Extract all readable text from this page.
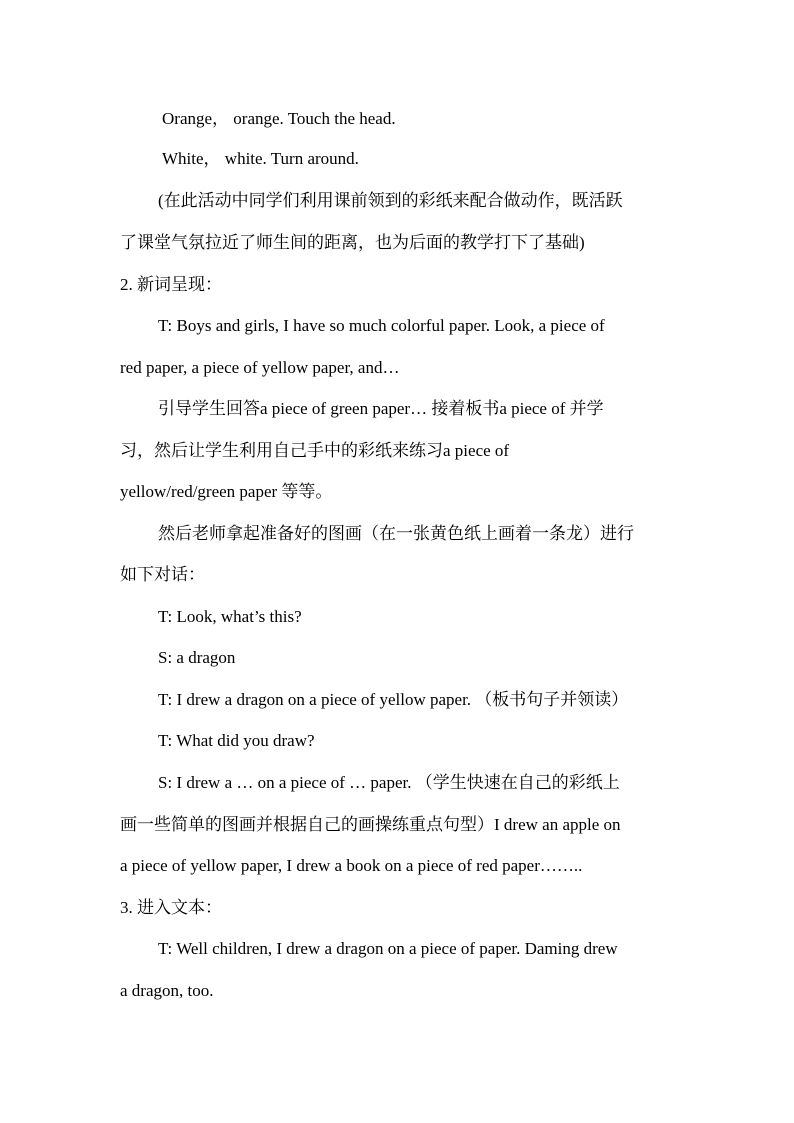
Orange， orange. Touch the head.
White， white. Turn around.
(在此活动中同学们利用课前领到的彩纸来配合做动作，既活跃
了课堂气氛拉近了师生间的距离，也为后面的教学打下了基础)
2. 新词呈现：
T: Boys and girls, I have so much colorful paper. Look, a piece of
red paper, a piece of yellow paper, and…
引导学生回答a piece of green paper… 接着板书a piece of 并学
习，然后让学生利用自己手中的彩纸来练习a piece of
yellow/red/green paper 等等。
然后老师拿起准备好的图画（在一张黄色纸上画着一条龙）进行
如下对话：
T: Look, what’s this?
S: a dragon
T: I drew a dragon on a piece of yellow paper. （板书句子并领读）
T: What did you draw?
S: I drew a … on a piece of … paper. （学生快速在自己的彩纸上
画一些简单的图画并根据自己的画操练重点句型）I drew an apple on
a piece of yellow paper, I drew a book on a piece of red paper……..
3. 进入文本：
T: Well children, I drew a dragon on a piece of paper. Daming drew
a dragon, too.
